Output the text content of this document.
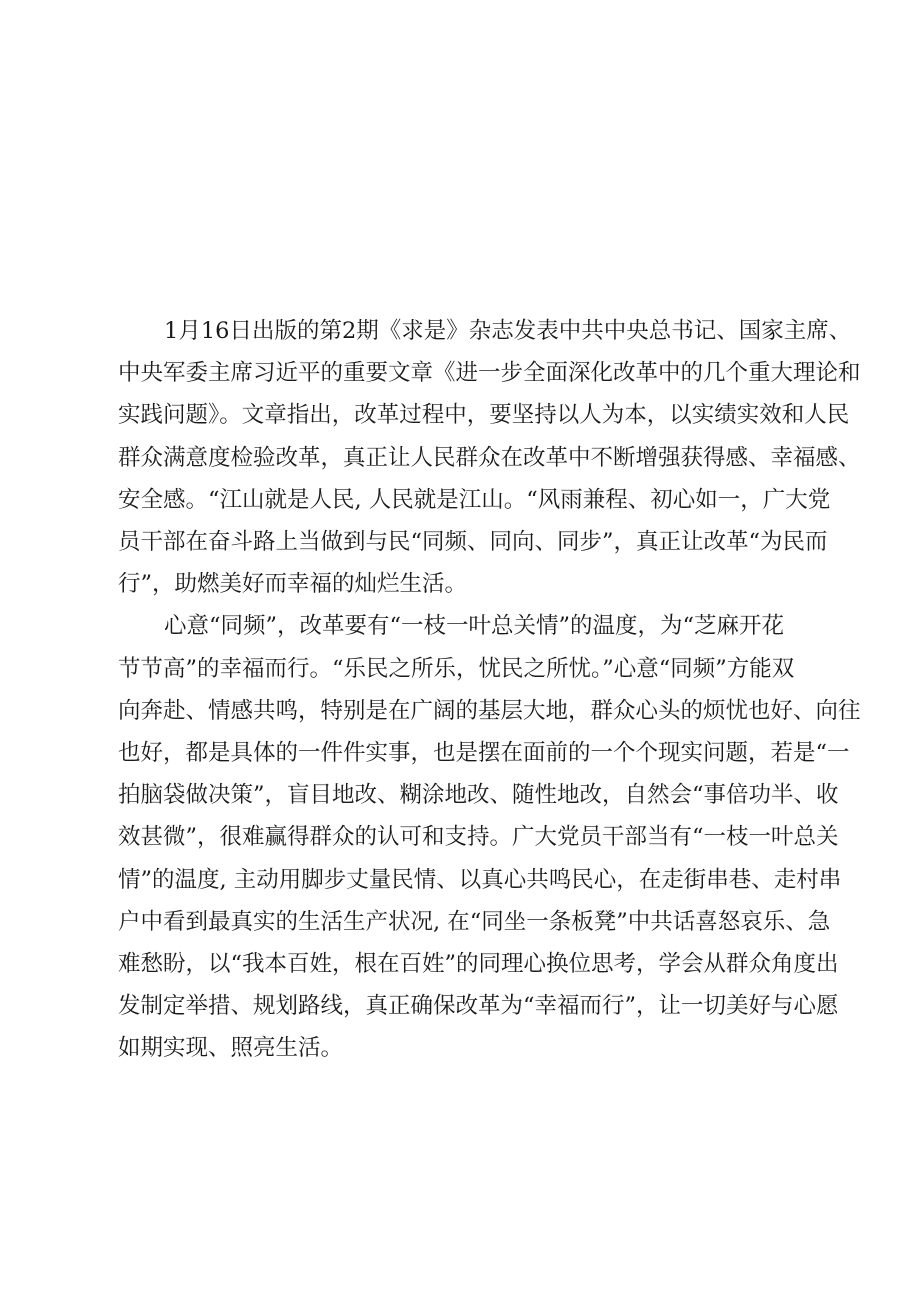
1月16日出版的第2期《求是》杂志发表中共中央总书记、国家主席、
中央军委主席习近平的重要文章《进一步全面深化改革中的几个重大理论和
实践问题》。文章指出，改革过程中，要坚持以人为本，以实绩实效和人民
群众满意度检验改革，真正让人民群众在改革中不断增强获得感、幸福感、
安全感。“江山就是人民, 人民就是江山。“风雨兼程、初心如一，广大党
员干部在奋斗路上当做到与民“同频、同向、同步”，真正让改革“为民而
行”，助燃美好而幸福的灿烂生活。

心意“同频”，改革要有“一枝一叶总关情”的温度，为“芝麻开花
节节高”的幸福而行。“乐民之所乐，忧民之所忧。”心意“同频”方能双
向奔赴、情感共鸣，特别是在广阔的基层大地，群众心头的烦忧也好、向往
也好，都是具体的一件件实事，也是摆在面前的一个个现实问题，若是“一
拍脑袋做决策”，盲目地改、糊涂地改、随性地改，自然会“事倍功半、收
效甚微”，很难赢得群众的认可和支持。广大党员干部当有“一枝一叶总关
情”的温度, 主动用脚步丈量民情、以真心共鸣民心，在走街串巷、走村串
户中看到最真实的生活生产状况, 在“同坐一条板凳”中共话喜怒哀乐、急
难愁盼，以“我本百姓，根在百姓”的同理心换位思考，学会从群众角度出
发制定举措、规划路线，真正确保改革为“幸福而行”，让一切美好与心愿
如期实现、照亮生活。
